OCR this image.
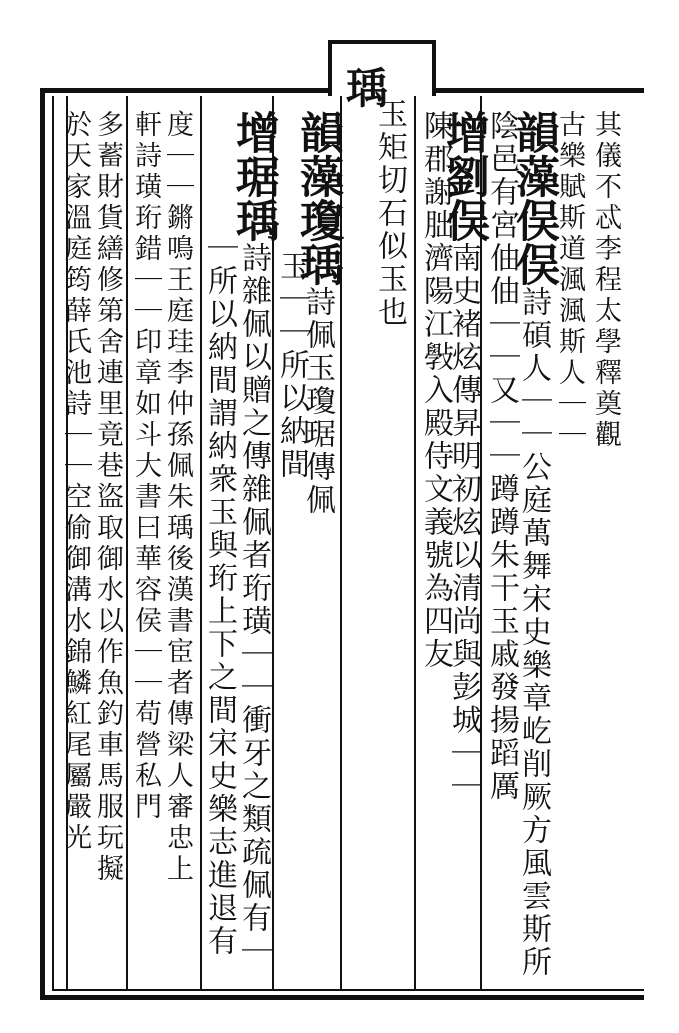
瑀
其儀不忒李程太學釋奠觀
古樂賦斯道渢渢斯人｜｜
韻藻俣俣詩碩人｜｜公庭萬舞宋史樂章屹削厥方風雲斯所
陰邑有宮伷伷｜｜又｜｜蹲蹲朱干玉戚發揚蹈厲
增劉俣南史褚炫傳昇明初炫以清尚與彭城｜｜
陳郡謝朏濟陽江斅入殿侍文義號為四友
玉矩切石似玉也
韻藻瓊瑀詩佩玉瓊琚傳佩
玉｜｜所以納間
增琚瑀詩雜佩以贈之傳雜佩者珩璜｜｜衝牙之類疏佩有｜
｜所以納間謂納衆玉與珩上下之間宋史樂志進退有
度｜｜鏘鳴王庭珪李仲孫佩朱瑀後漢書宦者傳梁人審忠上
軒詩璜珩錯｜｜印章如斗大書曰華容侯｜｜苟營私門
多蓄財貨繕修第舍連里竟巷盜取御水以作魚釣車馬服玩擬
於天家溫庭筠薛氏池詩｜｜空偷御溝水錦鱗紅尾屬嚴光
